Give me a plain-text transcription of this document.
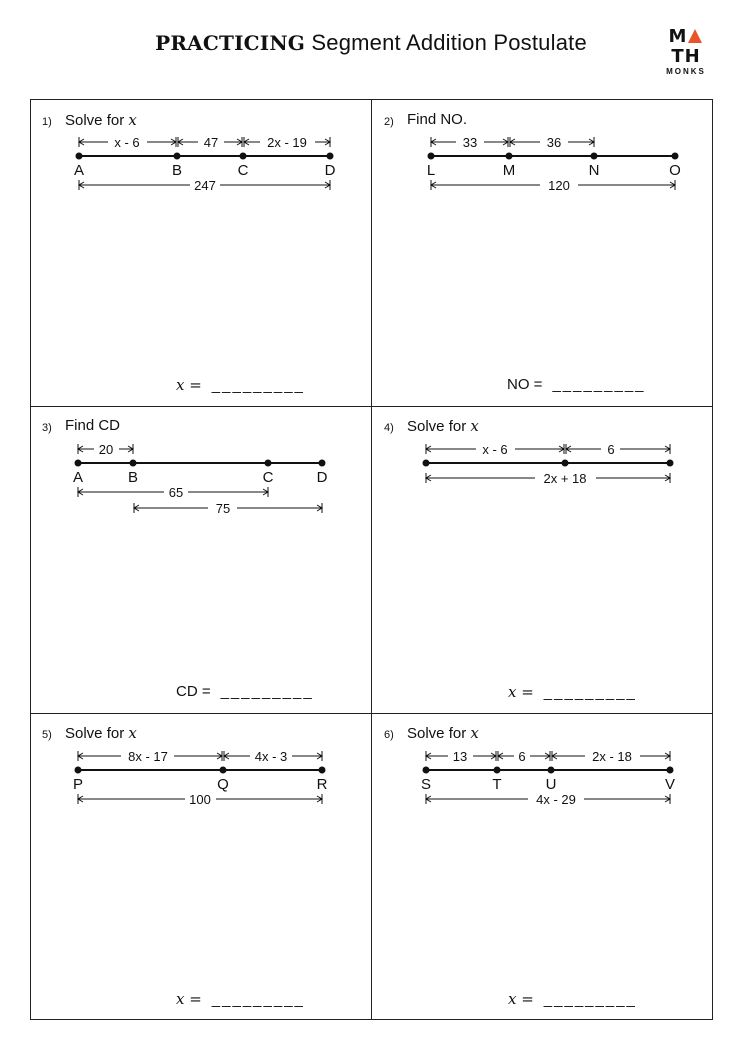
PRACTICING Segment Addition Postulate	MTH
MONKS
1) Solve for x
x = _________
2) Find NO.
NO = _________
3) Find CD
CD = _________
4) Solve for x
x = _________
5) Solve for x
x = _________
6) Solve for x
x = _________
A	B	C	D
x - 6	47	2x - 19
247
L	M	N	O
33	36
120
A	B	C	D
20
65
75
x - 6	6
2x + 18
P	Q	R
8x - 17	4x - 3
100
S	T	U	V
13	6	2x - 18
4x - 29
